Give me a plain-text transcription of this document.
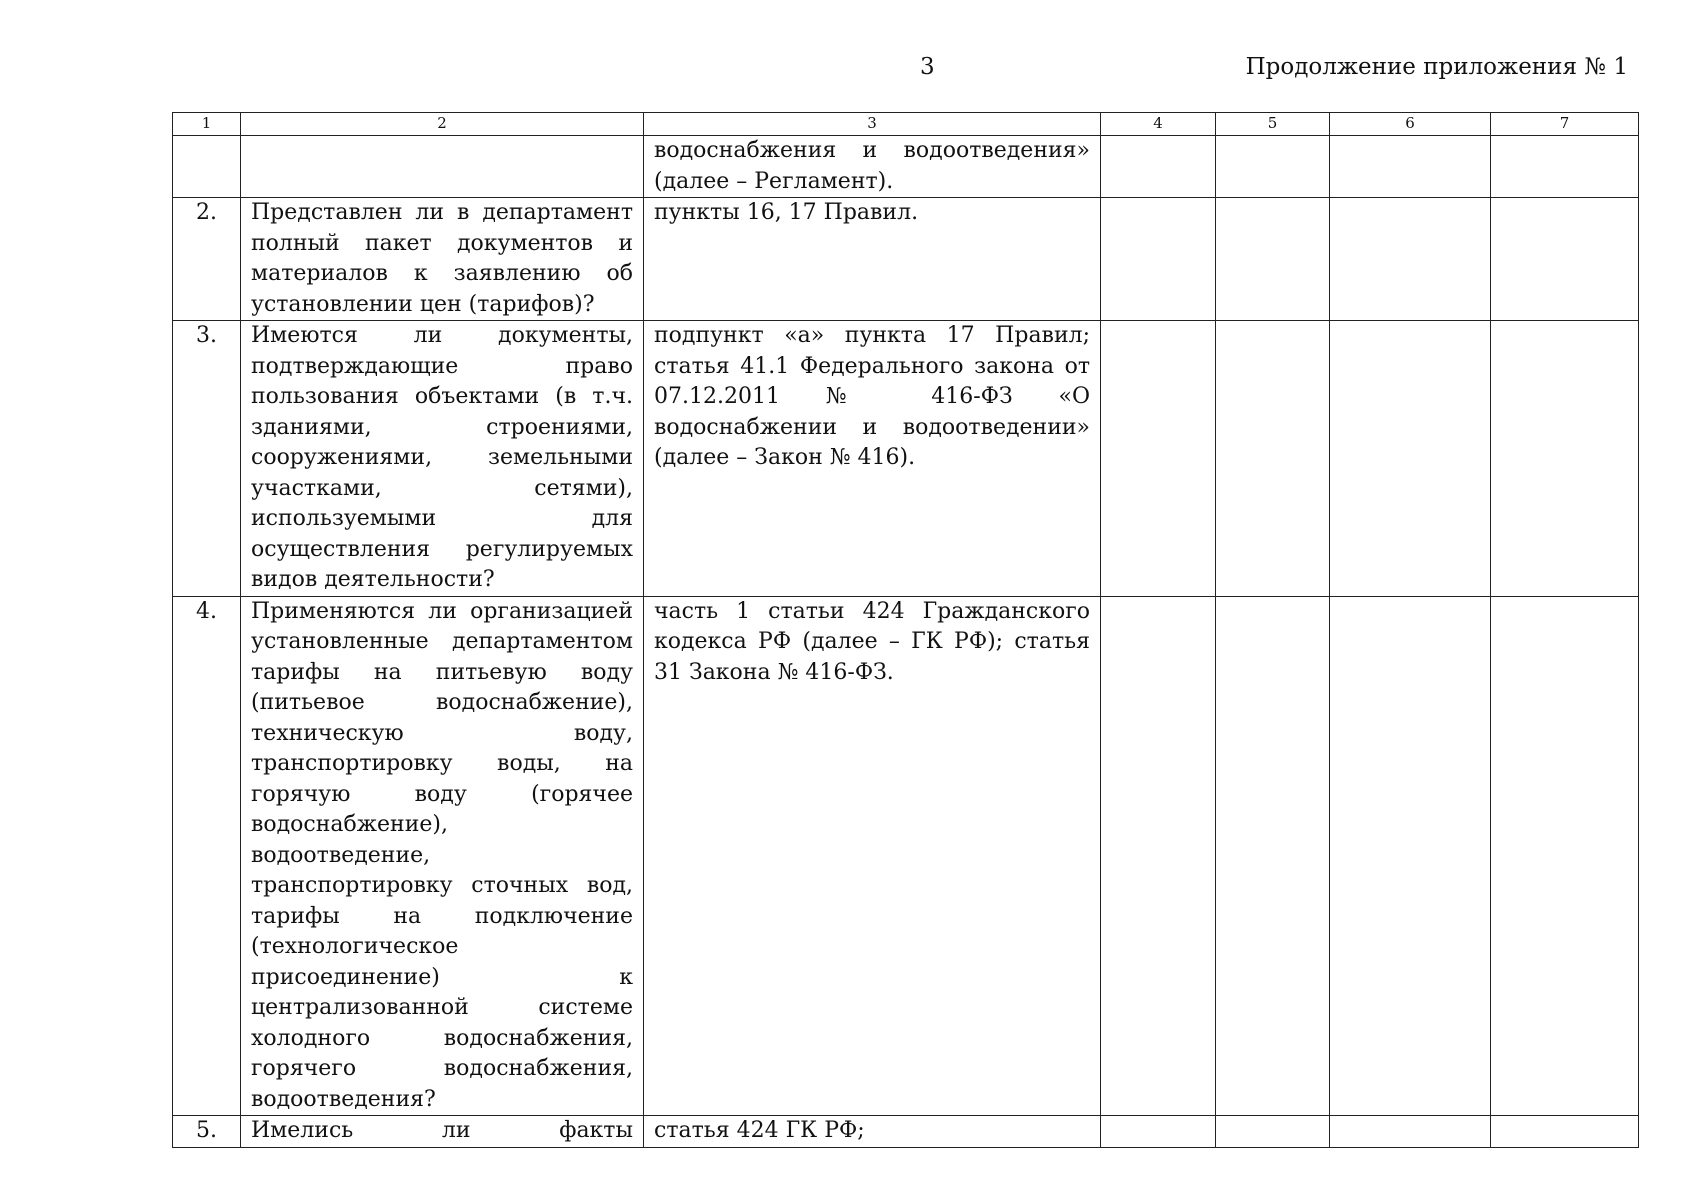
3	Продолжение приложения № 1
1	2	3	4	5	6	7
		водоснабжения и водоотведения» (далее – Регламент).				
2.	Представлен ли в департамент полный пакет документов и материалов к заявлению об установлении цен (тарифов)?	пункты 16, 17 Правил.				
3.	Имеются ли документы, подтверждающие право пользования объектами (в т.ч. зданиями, строениями, сооружениями, земельными участками, сетями), используемыми для осуществления регулируемых видов деятельности?	подпункт «а» пункта 17 Правил; статья 41.1 Федерального закона от 07.12.2011 № 416-ФЗ «О водоснабжении и водоотведении» (далее – Закон № 416).				
4.	Применяются ли организацией установленные департаментом тарифы на питьевую воду (питьевое водоснабжение), техническую воду, транспортировку воды, на горячую воду (горячее водоснабжение), водоотведение, транспортировку сточных вод, тарифы на подключение (технологическое присоединение) к централизованной системе холодного водоснабжения, горячего водоснабжения, водоотведения?	часть 1 статьи 424 Гражданского кодекса РФ (далее – ГК РФ); статья 31 Закона № 416-ФЗ.				
5.	Имелись ли факты	статья 424 ГК РФ;				
